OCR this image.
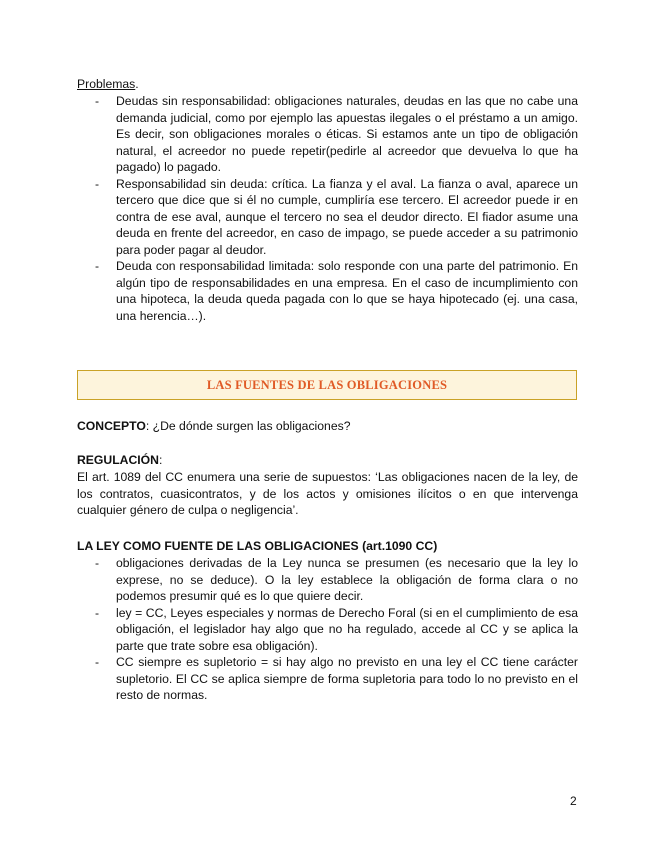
Problemas.
- Deudas sin responsabilidad: obligaciones naturales, deudas en las que no cabe una demanda judicial, como por ejemplo las apuestas ilegales o el préstamo a un amigo. Es decir, son obligaciones morales o éticas. Si estamos ante un tipo de obligación natural, el acreedor no puede repetir(pedirle al acreedor que devuelva lo que ha pagado) lo pagado.
- Responsabilidad sin deuda: crítica. La fianza y el aval. La fianza o aval, aparece un tercero que dice que si él no cumple, cumpliría ese tercero. El acreedor puede ir en contra de ese aval, aunque el tercero no sea el deudor directo. El fiador asume una deuda en frente del acreedor, en caso de impago, se puede acceder a su patrimonio para poder pagar al deudor.
- Deuda con responsabilidad limitada: solo responde con una parte del patrimonio. En algún tipo de responsabilidades en una empresa. En el caso de incumplimiento con una hipoteca, la deuda queda pagada con lo que se haya hipotecado (ej. una casa, una herencia…).
LAS FUENTES DE LAS OBLIGACIONES
CONCEPTO: ¿De dónde surgen las obligaciones?
REGULACIÓN:
El art. 1089 del CC enumera una serie de supuestos: ‘Las obligaciones nacen de la ley, de los contratos, cuasicontratos, y de los actos y omisiones ilícitos o en que intervenga cualquier género de culpa o negligencia’.
LA LEY COMO FUENTE DE LAS OBLIGACIONES (art.1090 CC)
- obligaciones derivadas de la Ley nunca se presumen (es necesario que la ley lo exprese, no se deduce). O la ley establece la obligación de forma clara o no podemos presumir qué es lo que quiere decir.
- ley = CC, Leyes especiales y normas de Derecho Foral (si en el cumplimiento de esa obligación, el legislador hay algo que no ha regulado, accede al CC y se aplica la parte que trate sobre esa obligación).
- CC siempre es supletorio = si hay algo no previsto en una ley el CC tiene carácter supletorio. El CC se aplica siempre de forma supletoria para todo lo no previsto en el resto de normas.
2
